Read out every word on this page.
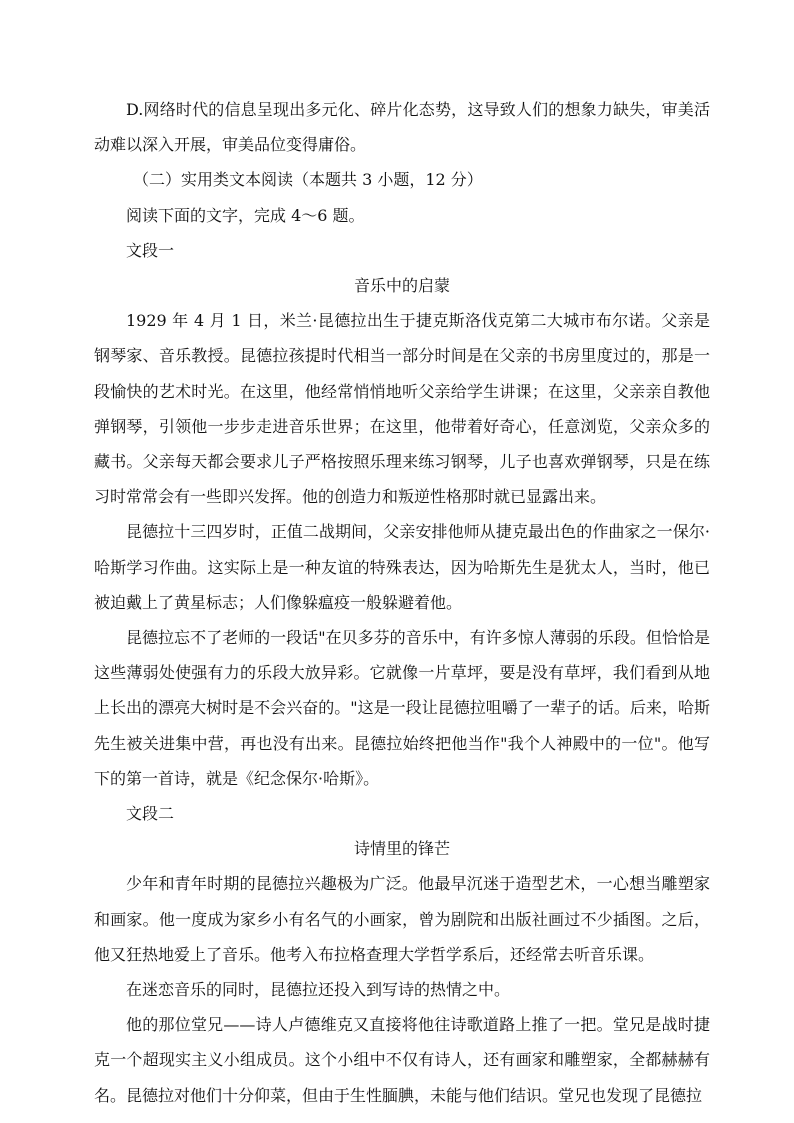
D.网络时代的信息呈现出多元化、碎片化态势，这导致人们的想象力缺失，审美活动难以深入开展，审美品位变得庸俗。

（二）实用类文本阅读（本题共 3 小题，12 分）

阅读下面的文字，完成 4～6 题。

文段一

音乐中的启蒙

1929 年 4 月 1 日，米兰·昆德拉出生于捷克斯洛伐克第二大城市布尔诺。父亲是钢琴家、音乐教授。昆德拉孩提时代相当一部分时间是在父亲的书房里度过的，那是一段愉快的艺术时光。在这里，他经常悄悄地听父亲给学生讲课；在这里，父亲亲自教他弹钢琴，引领他一步步走进音乐世界；在这里，他带着好奇心，任意浏览，父亲众多的藏书。父亲每天都会要求儿子严格按照乐理来练习钢琴，儿子也喜欢弹钢琴，只是在练习时常常会有一些即兴发挥。他的创造力和叛逆性格那时就已显露出来。

昆德拉十三四岁时，正值二战期间，父亲安排他师从捷克最出色的作曲家之一保尔·哈斯学习作曲。这实际上是一种友谊的特殊表达，因为哈斯先生是犹太人，当时，他已被迫戴上了黄星标志；人们像躲瘟疫一般躲避着他。

昆德拉忘不了老师的一段话"在贝多芬的音乐中，有许多惊人薄弱的乐段。但恰恰是这些薄弱处使强有力的乐段大放异彩。它就像一片草坪，要是没有草坪，我们看到从地上长出的漂亮大树时是不会兴奋的。"这是一段让昆德拉咀嚼了一辈子的话。后来，哈斯先生被关进集中营，再也没有出来。昆德拉始终把他当作"我个人神殿中的一位"。他写下的第一首诗，就是《纪念保尔·哈斯》。

文段二

诗情里的锋芒

少年和青年时期的昆德拉兴趣极为广泛。他最早沉迷于造型艺术，一心想当雕塑家和画家。他一度成为家乡小有名气的小画家，曾为剧院和出版社画过不少插图。之后，他又狂热地爱上了音乐。他考入布拉格查理大学哲学系后，还经常去听音乐课。

在迷恋音乐的同时，昆德拉还投入到写诗的热情之中。

他的那位堂兄——诗人卢德维克又直接将他往诗歌道路上推了一把。堂兄是战时捷克一个超现实主义小组成员。这个小组中不仅有诗人，还有画家和雕塑家，全都赫赫有名。昆德拉对他们十分仰菜，但由于生性腼腆，未能与他们结识。堂兄也发现了昆德拉
